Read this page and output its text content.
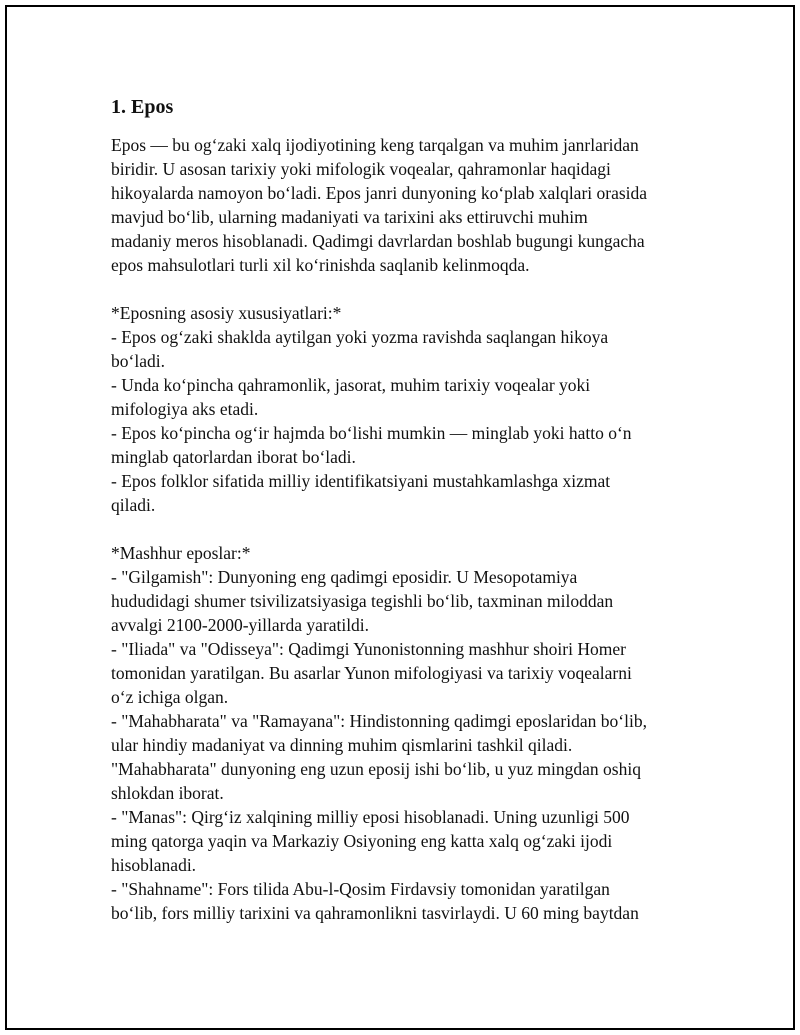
1. Epos
Epos — bu og‘zaki xalq ijodiyotining keng tarqalgan va muhim janrlaridan
biridir. U asosan tarixiy yoki mifologik voqealar, qahramonlar haqidagi
hikoyalarda namoyon bo‘ladi. Epos janri dunyoning ko‘plab xalqlari orasida
mavjud bo‘lib, ularning madaniyati va tarixini aks ettiruvchi muhim
madaniy meros hisoblanadi. Qadimgi davrlardan boshlab bugungi kungacha
epos mahsulotlari turli xil ko‘rinishda saqlanib kelinmoqda.
*Eposning asosiy xususiyatlari:*
- Epos og‘zaki shaklda aytilgan yoki yozma ravishda saqlangan hikoya
bo‘ladi.
- Unda ko‘pincha qahramonlik, jasorat, muhim tarixiy voqealar yoki
mifologiya aks etadi.
- Epos ko‘pincha og‘ir hajmda bo‘lishi mumkin — minglab yoki hatto o‘n
minglab qatorlardan iborat bo‘ladi.
- Epos folklor sifatida milliy identifikatsiyani mustahkamlashga xizmat
qiladi.
*Mashhur eposlar:*
- "Gilgamish": Dunyoning eng qadimgi eposidir. U Mesopotamiya
hududidagi shumer tsivilizatsiyasiga tegishli bo‘lib, taxminan miloddan
avvalgi 2100-2000-yillarda yaratildi.
- "Iliada" va "Odisseya": Qadimgi Yunonistonning mashhur shoiri Homer
tomonidan yaratilgan. Bu asarlar Yunon mifologiyasi va tarixiy voqealarni
o‘z ichiga olgan.
- "Mahabharata" va "Ramayana": Hindistonning qadimgi eposlaridan bo‘lib,
ular hindiy madaniyat va dinning muhim qismlarini tashkil qiladi.
"Mahabharata" dunyoning eng uzun eposij ishi bo‘lib, u yuz mingdan oshiq
shlokdan iborat.
- "Manas": Qirg‘iz xalqining milliy eposi hisoblanadi. Uning uzunligi 500
ming qatorga yaqin va Markaziy Osiyoning eng katta xalq og‘zaki ijodi
hisoblanadi.
- "Shahname": Fors tilida Abu-l-Qosim Firdavsiy tomonidan yaratilgan
bo‘lib, fors milliy tarixini va qahramonlikni tasvirlaydi. U 60 ming baytdan
